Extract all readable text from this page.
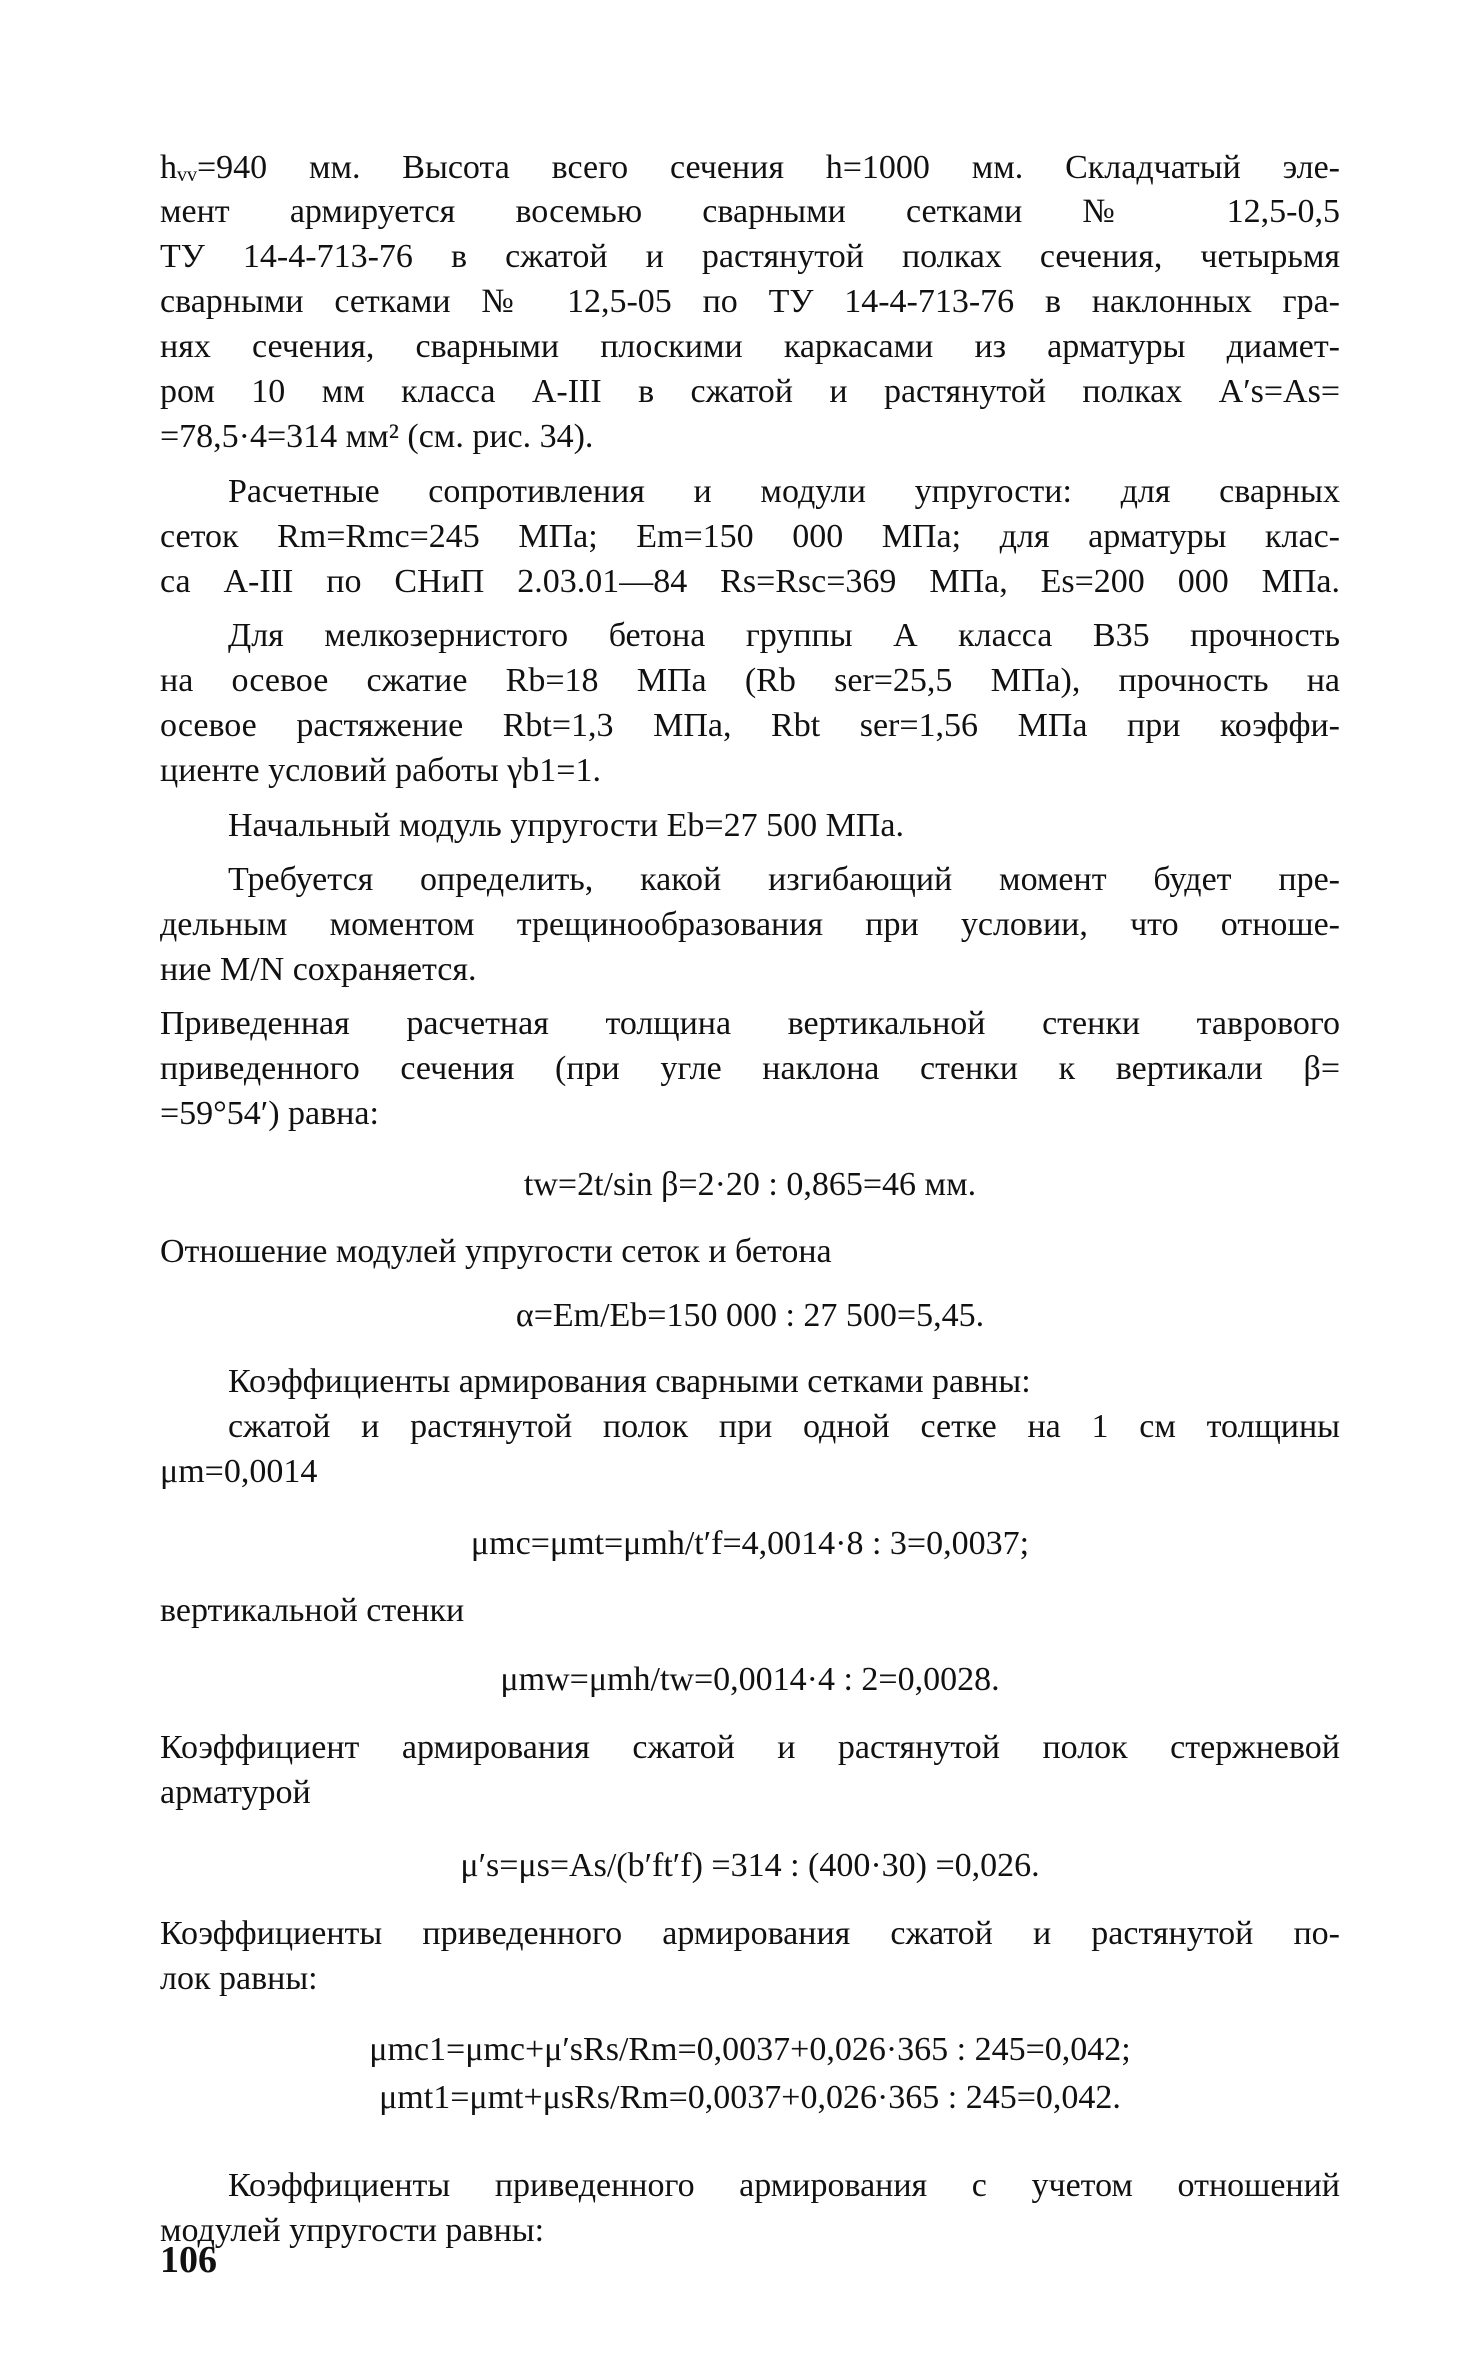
hᵥᵥ=940 мм. Высота всего сечения h=1000 мм. Складчатый эле-
мент армируется восемью сварными сетками № 12,5-0,5
ТУ 14-4-713-76 в сжатой и растянутой полках сечения, четырьмя
сварными сетками № 12,5-05 по ТУ 14-4-713-76 в наклонных гра-
нях сечения, сварными плоскими каркасами из арматуры диамет-
ром 10 мм класса А-III в сжатой и растянутой полках A′s=As=
=78,5·4=314 мм² (см. рис. 34).
Расчетные сопротивления и модули упругости: для сварных
сеток Rm=Rmc=245 МПа; Em=150 000 МПа; для арматуры клас-
са А-III по СНиП 2.03.01—84 Rs=Rsc=369 МПа, Es=200 000 МПа.
Для мелкозернистого бетона группы А класса В35 прочность
на осевое сжатие Rb=18 МПа (Rb ser=25,5 МПа), прочность на
осевое растяжение Rbt=1,3 МПа, Rbt ser=1,56 МПа при коэффи-
циенте условий работы γb1=1.
Начальный модуль упругости Eb=27 500 МПа.
Требуется определить, какой изгибающий момент будет пре-
дельным моментом трещинообразования при условии, что отноше-
ние M/N сохраняется.
Приведенная расчетная толщина вертикальной стенки таврового
приведенного сечения (при угле наклона стенки к вертикали β=
=59°54′) равна:
tw=2t/sin β=2·20 : 0,865=46 мм.
Отношение модулей упругости сеток и бетона
α=Em/Eb=150 000 : 27 500=5,45.
Коэффициенты армирования сварными сетками равны:
сжатой и растянутой полок при одной сетке на 1 см толщины
μm=0,0014
μmc=μmt=μmh/t′f=4,0014·8 : 3=0,0037;
вертикальной стенки
μmw=μmh/tw=0,0014·4 : 2=0,0028.
Коэффициент армирования сжатой и растянутой полок стержневой
арматурой
μ′s=μs=As/(b′ft′f) =314 : (400·30) =0,026.
Коэффициенты приведенного армирования сжатой и растянутой по-
лок равны:
μmc1=μmc+μ′sRs/Rm=0,0037+0,026·365 : 245=0,042;
μmt1=μmt+μsRs/Rm=0,0037+0,026·365 : 245=0,042.
Коэффициенты приведенного армирования с учетом отношений
модулей упругости равны:
106
